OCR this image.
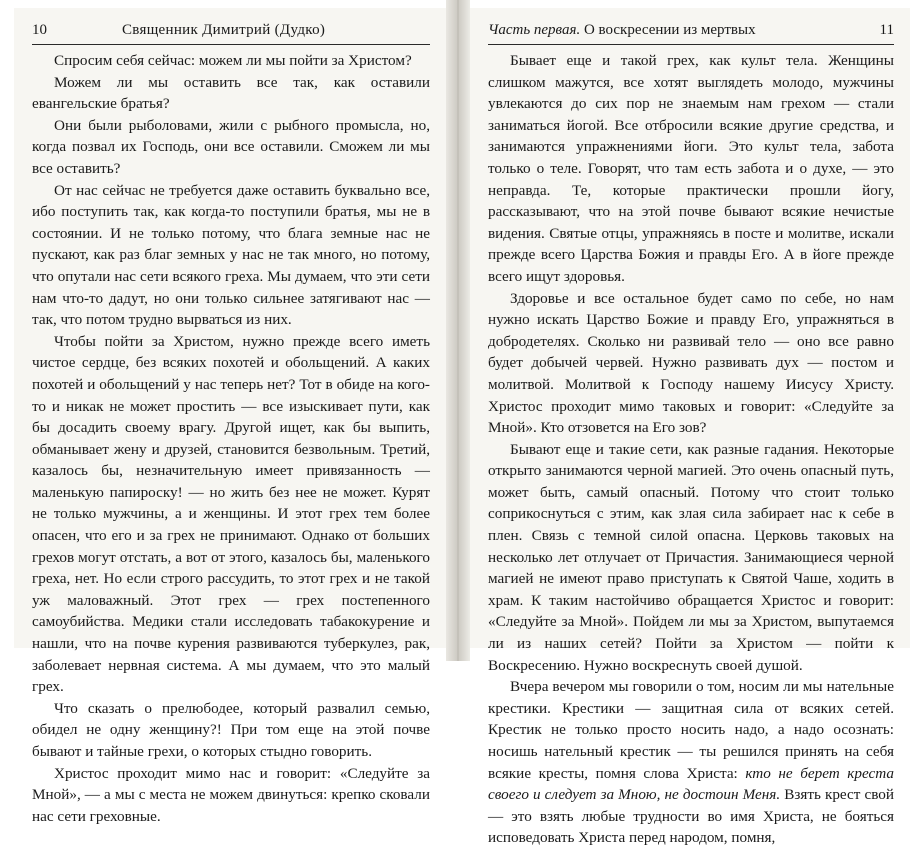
10	Священник Димитрий (Дудко)

Спросим себя сейчас: можем ли мы пойти за Христом?

Можем ли мы оставить все так, как оставили евангельские братья?

Они были рыболовами, жили с рыбного промысла, но, когда позвал их Господь, они все оставили. Сможем ли мы все оставить?

От нас сейчас не требуется даже оставить буквально все, ибо поступить так, как когда-то поступили братья, мы не в состоянии. И не только потому, что блага земные нас не пускают, как раз благ земных у нас не так много, но потому, что опутали нас сети всякого греха. Мы думаем, что эти сети нам что-то дадут, но они только сильнее затягивают нас — так, что потом трудно вырваться из них.

Чтобы пойти за Христом, нужно прежде всего иметь чистое сердце, без всяких похотей и обольщений. А каких похотей и обольщений у нас теперь нет? Тот в обиде на кого-то и никак не может простить — все изыскивает пути, как бы досадить своему врагу. Другой ищет, как бы выпить, обманывает жену и друзей, становится безвольным. Третий, казалось бы, незначительную имеет привязанность — маленькую папироску! — но жить без нее не может. Курят не только мужчины, а и женщины. И этот грех тем более опасен, что его и за грех не принимают. Однако от больших грехов могут отстать, а вот от этого, казалось бы, маленького греха, нет. Но если строго рассудить, то этот грех и не такой уж маловажный. Этот грех — грех постепенного самоубийства. Медики стали исследовать табакокурение и нашли, что на почве курения развиваются туберкулез, рак, заболевает нервная система. А мы думаем, что это малый грех.

Что сказать о прелюбодее, который развалил семью, обидел не одну женщину?! При том еще на этой почве бывают и тайные грехи, о которых стыдно говорить.

Христос проходит мимо нас и говорит: «Следуйте за Мной», — а мы с места не можем двинуться: крепко сковали нас сети греховные.

Часть первая. О воскресении из мертвых	11

Бывает еще и такой грех, как культ тела. Женщины слишком мажутся, все хотят выглядеть молодо, мужчины увлекаются до сих пор не знаемым нам грехом — стали заниматься йогой. Все отбросили всякие другие средства, и занимаются упражнениями йоги. Это культ тела, забота только о теле. Говорят, что там есть забота и о духе, — это неправда. Те, которые практически прошли йогу, рассказывают, что на этой почве бывают всякие нечистые видения. Святые отцы, упражняясь в посте и молитве, искали прежде всего Царства Божия и правды Его. А в йоге прежде всего ищут здоровья.

Здоровье и все остальное будет само по себе, но нам нужно искать Царство Божие и правду Его, упражняться в добродетелях. Сколько ни развивай тело — оно все равно будет добычей червей. Нужно развивать дух — постом и молитвой. Молитвой к Господу нашему Иисусу Христу. Христос проходит мимо таковых и говорит: «Следуйте за Мной». Кто отзовется на Его зов?

Бывают еще и такие сети, как разные гадания. Некоторые открыто занимаются черной магией. Это очень опасный путь, может быть, самый опасный. Потому что стоит только соприкоснуться с этим, как злая сила забирает нас к себе в плен. Связь с темной силой опасна. Церковь таковых на несколько лет отлучает от Причастия. Занимающиеся черной магией не имеют право приступать к Святой Чаше, ходить в храм. К таким настойчиво обращается Христос и говорит: «Следуйте за Мной». Пойдем ли мы за Христом, выпутаемся ли из наших сетей? Пойти за Христом — пойти к Воскресению. Нужно воскреснуть своей душой.

Вчера вечером мы говорили о том, носим ли мы нательные крестики. Крестики — защитная сила от всяких сетей. Крестик не только просто носить надо, а надо осознать: носишь нательный крестик — ты решился принять на себя всякие кресты, помня слова Христа: кто не берет креста своего и следует за Мною, не достоин Меня. Взять крест свой — это взять любые трудности во имя Христа, не бояться исповедовать Христа перед народом, помня,
